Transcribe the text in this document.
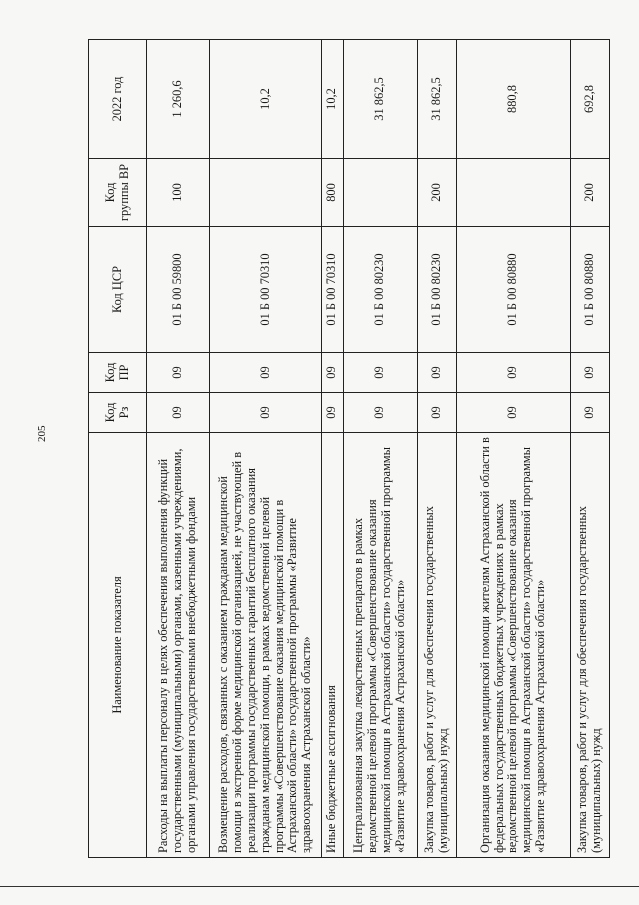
205
Наименование показателя	Код Рз	Код ПР	Код ЦСР	Код группы ВР	2022 год
Расходы на выплаты персоналу в целях обеспечения выполнения функций государственными (муниципальными) органами, казенными учреждениями, органами управления государственными внебюджетными фондами	09	09	01 Б 00 59800	100	1 260,6
Возмещение расходов, связанных с оказанием гражданам медицинской помощи в экстренной форме медицинской организацией, не участвующей в реализации программы государственных гарантий бесплатного оказания гражданам медицинской помощи, в рамках ведомственной целевой программы «Совершенствование оказания медицинской помощи в Астраханской области» государственной программы «Развитие здравоохранения Астраханской области»	09	09	01 Б 00 70310		10,2
Иные бюджетные ассигнования	09	09	01 Б 00 70310	800	10,2
Централизованная закупка лекарственных препаратов в рамках ведомственной целевой программы «Совершенствование оказания медицинской помощи в Астраханской области» государственной программы «Развитие здравоохранения Астраханской области»	09	09	01 Б 00 80230		31 862,5
Закупка товаров, работ и услуг для обеспечения государственных (муниципальных) нужд	09	09	01 Б 00 80230	200	31 862,5
Организация оказания медицинской помощи жителям Астраханской области в федеральных государственных бюджетных учреждениях в рамках ведомственной целевой программы «Совершенствование оказания медицинской помощи в Астраханской области» государственной программы «Развитие здравоохранения Астраханской области»	09	09	01 Б 00 80880		880,8
Закупка товаров, работ и услуг для обеспечения государственных (муниципальных) нужд	09	09	01 Б 00 80880	200	692,8
